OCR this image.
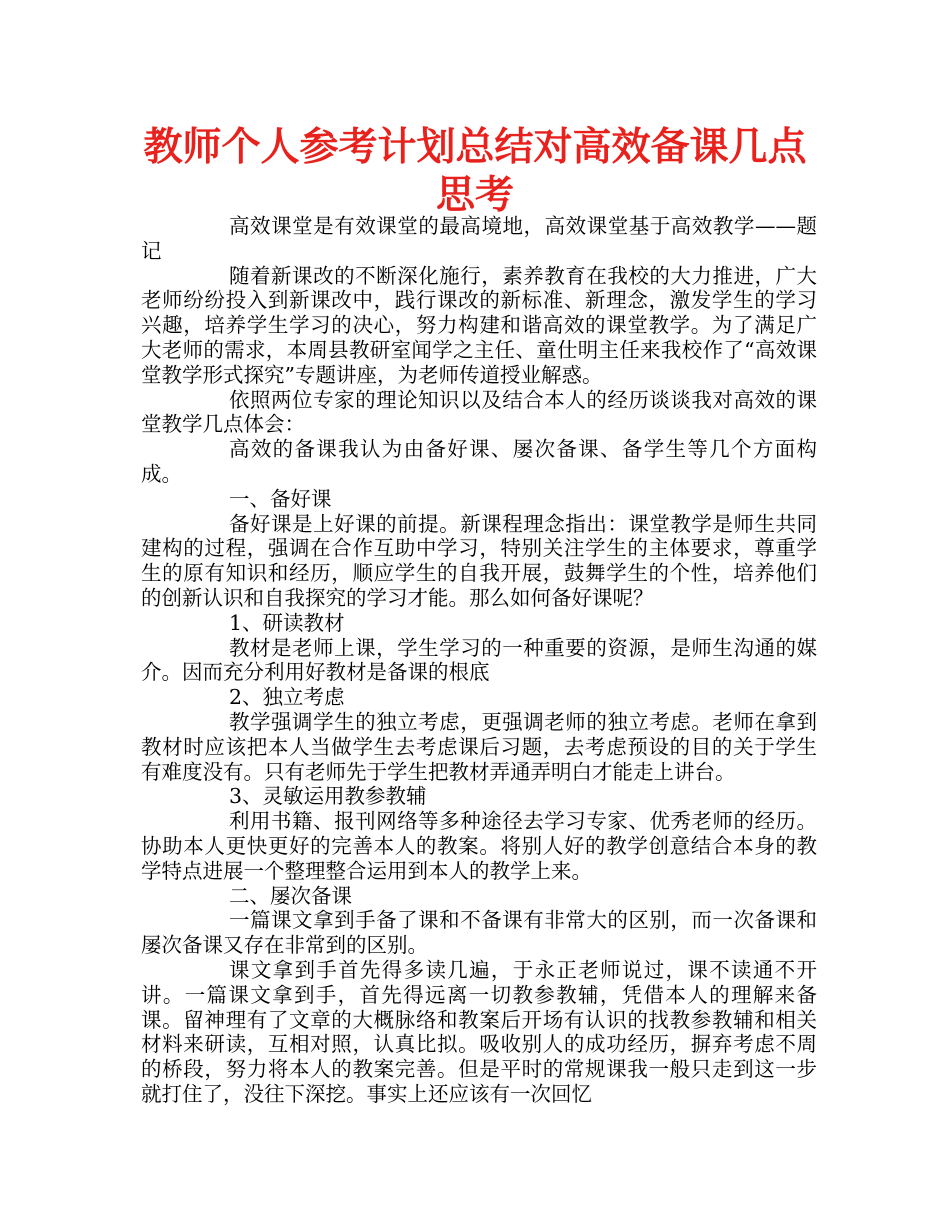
教师个人参考计划总结对高效备课几点思考

高效课堂是有效课堂的最高境地，高效课堂基于高效教学——题记

随着新课改的不断深化施行，素养教育在我校的大力推进，广大老师纷纷投入到新课改中，践行课改的新标准、新理念，激发学生的学习兴趣，培养学生学习的决心，努力构建和谐高效的课堂教学。为了满足广大老师的需求，本周县教研室闻学之主任、童仕明主任来我校作了“高效课堂教学形式探究”专题讲座，为老师传道授业解惑。

依照两位专家的理论知识以及结合本人的经历谈谈我对高效的课堂教学几点体会：

高效的备课我认为由备好课、屡次备课、备学生等几个方面构成。

一、备好课

备好课是上好课的前提。新课程理念指出：课堂教学是师生共同建构的过程，强调在合作互助中学习，特别关注学生的主体要求，尊重学生的原有知识和经历，顺应学生的自我开展，鼓舞学生的个性，培养他们的创新认识和自我探究的学习才能。那么如何备好课呢？

1、研读教材

教材是老师上课，学生学习的一种重要的资源，是师生沟通的媒介。因而充分利用好教材是备课的根底

2、独立考虑

教学强调学生的独立考虑，更强调老师的独立考虑。老师在拿到教材时应该把本人当做学生去考虑课后习题，去考虑预设的目的关于学生有难度没有。只有老师先于学生把教材弄通弄明白才能走上讲台。

3、灵敏运用教参教辅

利用书籍、报刊网络等多种途径去学习专家、优秀老师的经历。协助本人更快更好的完善本人的教案。将别人好的教学创意结合本身的教学特点进展一个整理整合运用到本人的教学上来。

二、屡次备课

一篇课文拿到手备了课和不备课有非常大的区别，而一次备课和屡次备课又存在非常到的区别。

课文拿到手首先得多读几遍，于永正老师说过，课不读通不开讲。一篇课文拿到手，首先得远离一切教参教辅，凭借本人的理解来备课。留神理有了文章的大概脉络和教案后开场有认识的找教参教辅和相关材料来研读，互相对照，认真比拟。吸收别人的成功经历，摒弃考虑不周的桥段，努力将本人的教案完善。但是平时的常规课我一般只走到这一步就打住了，没往下深挖。事实上还应该有一次回忆
